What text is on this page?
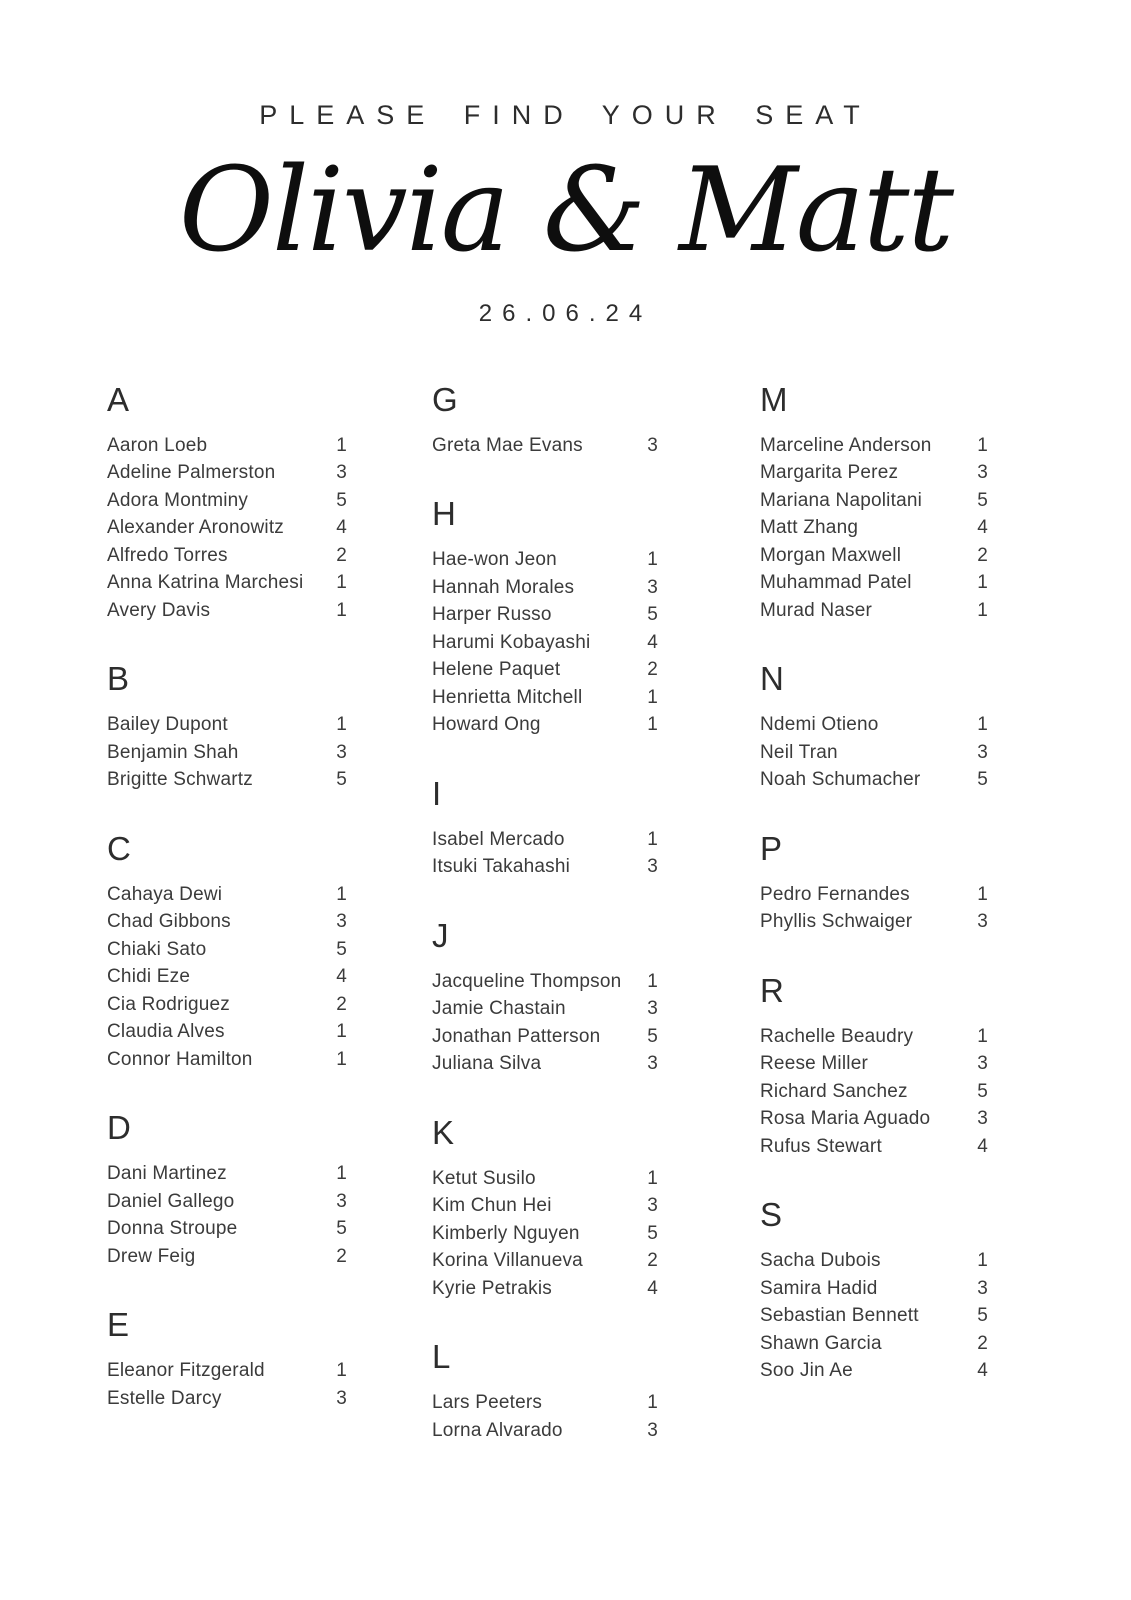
PLEASE FIND YOUR SEAT
Olivia & Matt
26.06.24
A
Aaron Loeb	1
Adeline Palmerston	3
Adora Montminy	5
Alexander Aronowitz	4
Alfredo Torres	2
Anna Katrina Marchesi	1
Avery Davis	1
B
Bailey Dupont	1
Benjamin Shah	3
Brigitte Schwartz	5
C
Cahaya Dewi	1
Chad Gibbons	3
Chiaki Sato	5
Chidi Eze	4
Cia Rodriguez	2
Claudia Alves	1
Connor Hamilton	1
D
Dani Martinez	1
Daniel Gallego	3
Donna Stroupe	5
Drew Feig	2
E
Eleanor Fitzgerald	1
Estelle Darcy	3
G
Greta Mae Evans	3
H
Hae-won Jeon	1
Hannah Morales	3
Harper Russo	5
Harumi Kobayashi	4
Helene Paquet	2
Henrietta Mitchell	1
Howard Ong	1
I
Isabel Mercado	1
Itsuki Takahashi	3
J
Jacqueline Thompson	1
Jamie Chastain	3
Jonathan Patterson	5
Juliana Silva	3
K
Ketut Susilo	1
Kim Chun Hei	3
Kimberly Nguyen	5
Korina Villanueva	2
Kyrie Petrakis	4
L
Lars Peeters	1
Lorna Alvarado	3
M
Marceline Anderson	1
Margarita Perez	3
Mariana Napolitani	5
Matt Zhang	4
Morgan Maxwell	2
Muhammad Patel	1
Murad Naser	1
N
Ndemi Otieno	1
Neil Tran	3
Noah Schumacher	5
P
Pedro Fernandes	1
Phyllis Schwaiger	3
R
Rachelle Beaudry	1
Reese Miller	3
Richard Sanchez	5
Rosa Maria Aguado	3
Rufus Stewart	4
S
Sacha Dubois	1
Samira Hadid	3
Sebastian Bennett	5
Shawn Garcia	2
Soo Jin Ae	4
